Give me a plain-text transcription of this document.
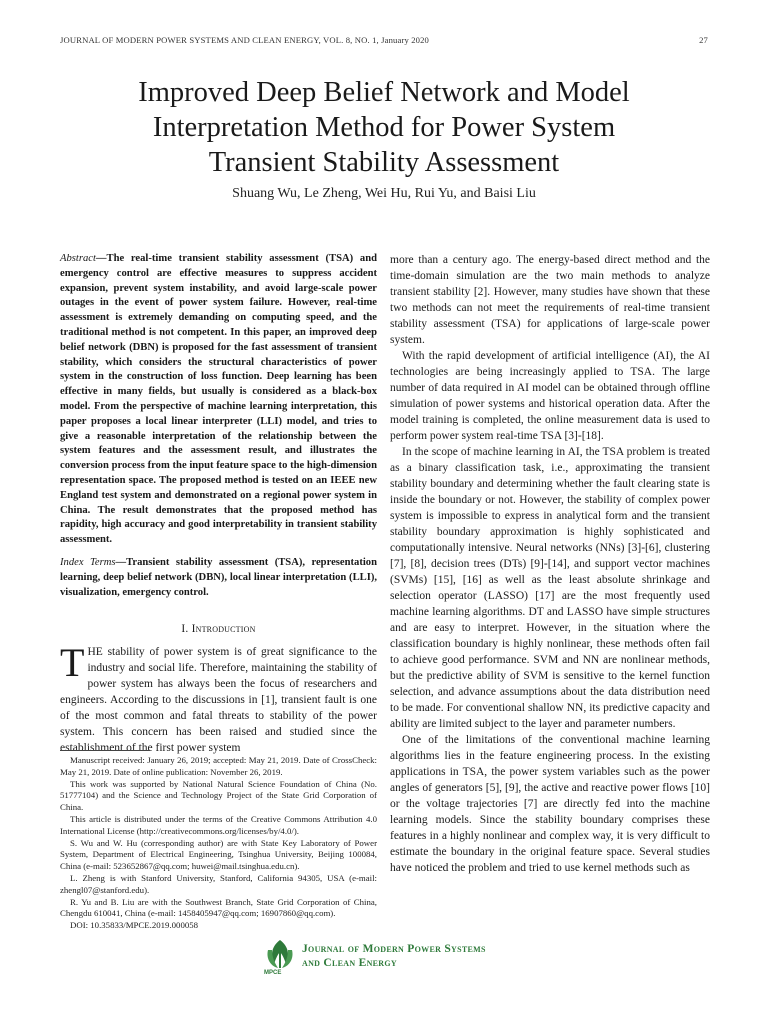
JOURNAL OF MODERN POWER SYSTEMS AND CLEAN ENERGY, VOL. 8, NO. 1, January 2020	27
Improved Deep Belief Network and Model
Interpretation Method for Power System
Transient Stability Assessment
Shuang Wu, Le Zheng, Wei Hu, Rui Yu, and Baisi Liu

Abstract—The real-time transient stability assessment (TSA) and emergency control are effective measures to suppress accident expansion, prevent system instability, and avoid large-scale power outages in the event of power system failure. However, real-time assessment is extremely demanding on computing speed, and the traditional method is not competent. In this paper, an improved deep belief network (DBN) is proposed for the fast assessment of transient stability, which considers the structural characteristics of power system in the construction of loss function. Deep learning has been effective in many fields, but usually is considered as a black-box model. From the perspective of machine learning interpretation, this paper proposes a local linear interpreter (LLI) model, and tries to give a reasonable interpretation of the relationship between the system features and the assessment result, and illustrates the conversion process from the input feature space to the high-dimension representation space. The proposed method is tested on an IEEE new England test system and demonstrated on a regional power system in China. The result demonstrates that the proposed method has rapidity, high accuracy and good interpretability in transient stability assessment.

Index Terms—Transient stability assessment (TSA), representation learning, deep belief network (DBN), local linear interpretation (LLI), visualization, emergency control.

I. Introduction

THE stability of power system is of great significance to the industry and social life. Therefore, maintaining the stability of power system has always been the focus of researchers and engineers. According to the discussions in [1], transient fault is one of the most common and fatal threats to stability of the power system. This concern has been raised and studied since the establishment of the first power system

Manuscript received: January 26, 2019; accepted: May 21, 2019. Date of CrossCheck: May 21, 2019. Date of online publication: November 26, 2019.

This work was supported by National Natural Science Foundation of China (No. 51777104) and the Science and Technology Project of the State Grid Corporation of China.

This article is distributed under the terms of the Creative Commons Attribution 4.0 International License (http://creativecommons.org/licenses/by/4.0/).

S. Wu and W. Hu (corresponding author) are with State Key Laboratory of Power System, Department of Electrical Engineering, Tsinghua University, Beijing 100084, China (e-mail: 523652867@qq.com; huwei@mail.tsinghua.edu.cn).

L. Zheng is with Stanford University, Stanford, California 94305, USA (e-mail: zhengl07@stanford.edu).

R. Yu and B. Liu are with the Southwest Branch, State Grid Corporation of China, Chengdu 610041, China (e-mail: 1458405947@qq.com; 16907860@qq.com).

DOI: 10.35833/MPCE.2019.000058

more than a century ago. The energy-based direct method and the time-domain simulation are the two main methods to analyze transient stability [2]. However, many studies have shown that these two methods can not meet the requirements of real-time transient stability assessment (TSA) for applications of large-scale power system.

With the rapid development of artificial intelligence (AI), the AI technologies are being increasingly applied to TSA. The large number of data required in AI model can be obtained through offline simulation of power systems and historical operation data. After the model training is completed, the online measurement data is used to perform power system real-time TSA [3]-[18].

In the scope of machine learning in AI, the TSA problem is treated as a binary classification task, i.e., approximating the transient stability boundary and determining whether the fault clearing state is inside the boundary or not. However, the stability of complex power system is impossible to express in analytical form and the transient stability boundary approximation is highly sophisticated and computationally intensive. Neural networks (NNs) [3]-[6], clustering [7], [8], decision trees (DTs) [9]-[14], and support vector machines (SVMs) [15], [16] as well as the least absolute shrinkage and selection operator (LASSO) [17] are the most frequently used machine learning algorithms. DT and LASSO have simple structures and are easy to interpret. However, in the situation where the classification boundary is highly nonlinear, these methods often fail to achieve good performance. SVM and NN are nonlinear methods, but the predictive ability of SVM is sensitive to the kernel function selection, and advance assumptions about the data distribution need to be made. For conventional shallow NN, its predictive capacity and ability are limited subject to the layer and parameter numbers.

One of the limitations of the conventional machine learning algorithms lies in the feature engineering process. In the existing applications in TSA, the power system variables such as the power angles of generators [5], [9], the active and reactive power flows [10] or the voltage trajectories [7] are directly fed into the machine learning models. Since the stability boundary comprises these features in a highly nonlinear and complex way, it is very difficult to estimate the boundary in the original feature space. Several studies have noticed the problem and tried to use kernel methods such as

MPCE
Journal of Modern Power Systems
and Clean Energy
